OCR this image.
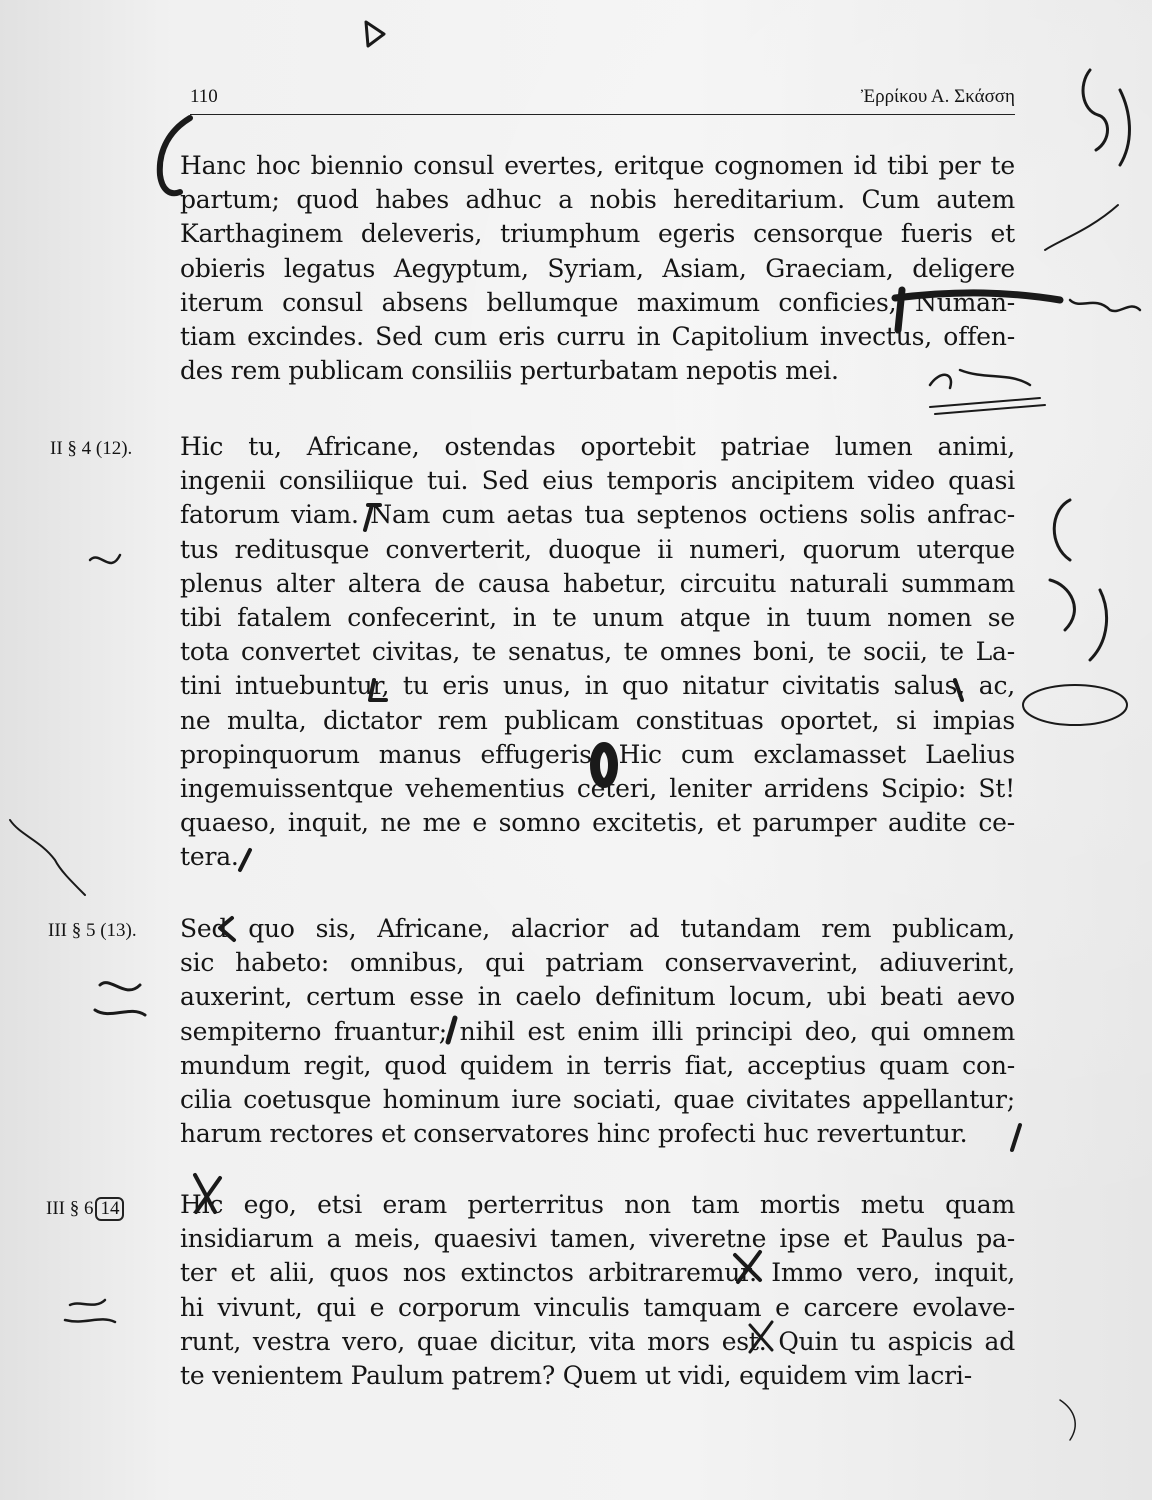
110	Ἐρρίκου Α. Σκάσση
Hanc hoc biennio consul evertes, eritque cognomen id tibi per te
partum; quod habes adhuc a nobis hereditarium. Cum autem
Karthaginem deleveris, triumphum egeris censorque fueris et
obieris legatus Aegyptum, Syriam, Asiam, Graeciam, deligere
iterum consul absens bellumque maximum conficies, Numan-
tiam excindes. Sed cum eris curru in Capitolium invectus, offen-
des rem publicam consiliis perturbatam nepotis mei.
II § 4 (12). Hic tu, Africane, ostendas oportebit patriae lumen animi,
ingenii consiliique tui. Sed eius temporis ancipitem video quasi
fatorum viam. Nam cum aetas tua septenos octiens solis anfrac-
tus reditusque converterit, duoque ii numeri, quorum uterque
plenus alter altera de causa habetur, circuitu naturali summam
tibi fatalem confecerint, in te unum atque in tuum nomen se
tota convertet civitas, te senatus, te omnes boni, te socii, te La-
tini intuebuntur, tu eris unus, in quo nitatur civitatis salus, ac,
ne multa, dictator rem publicam constituas oportet, si impias
propinquorum manus effugeris. Hic cum exclamasset Laelius
ingemuissentque vehementius ceteri, leniter arridens Scipio: St!
quaeso, inquit, ne me e somno excitetis, et parumper audite ce-
tera.
III § 5 (13). Sed quo sis, Africane, alacrior ad tutandam rem publicam,
sic habeto: omnibus, qui patriam conservaverint, adiuverint,
auxerint, certum esse in caelo definitum locum, ubi beati aevo
sempiterno fruantur; nihil est enim illi principi deo, qui omnem
mundum regit, quod quidem in terris fiat, acceptius quam con-
cilia coetusque hominum iure sociati, quae civitates appellantur;
harum rectores et conservatores hinc profecti huc revertuntur.
III § 6 14 Hic ego, etsi eram perterritus non tam mortis metu quam
insidiarum a meis, quaesivi tamen, viveretne ipse et Paulus pa-
ter et alii, quos nos extinctos arbitraremur. Immo vero, inquit,
hi vivunt, qui e corporum vinculis tamquam e carcere evolave-
runt, vestra vero, quae dicitur, vita mors est. Quin tu aspicis ad
te venientem Paulum patrem? Quem ut vidi, equidem vim lacri-
